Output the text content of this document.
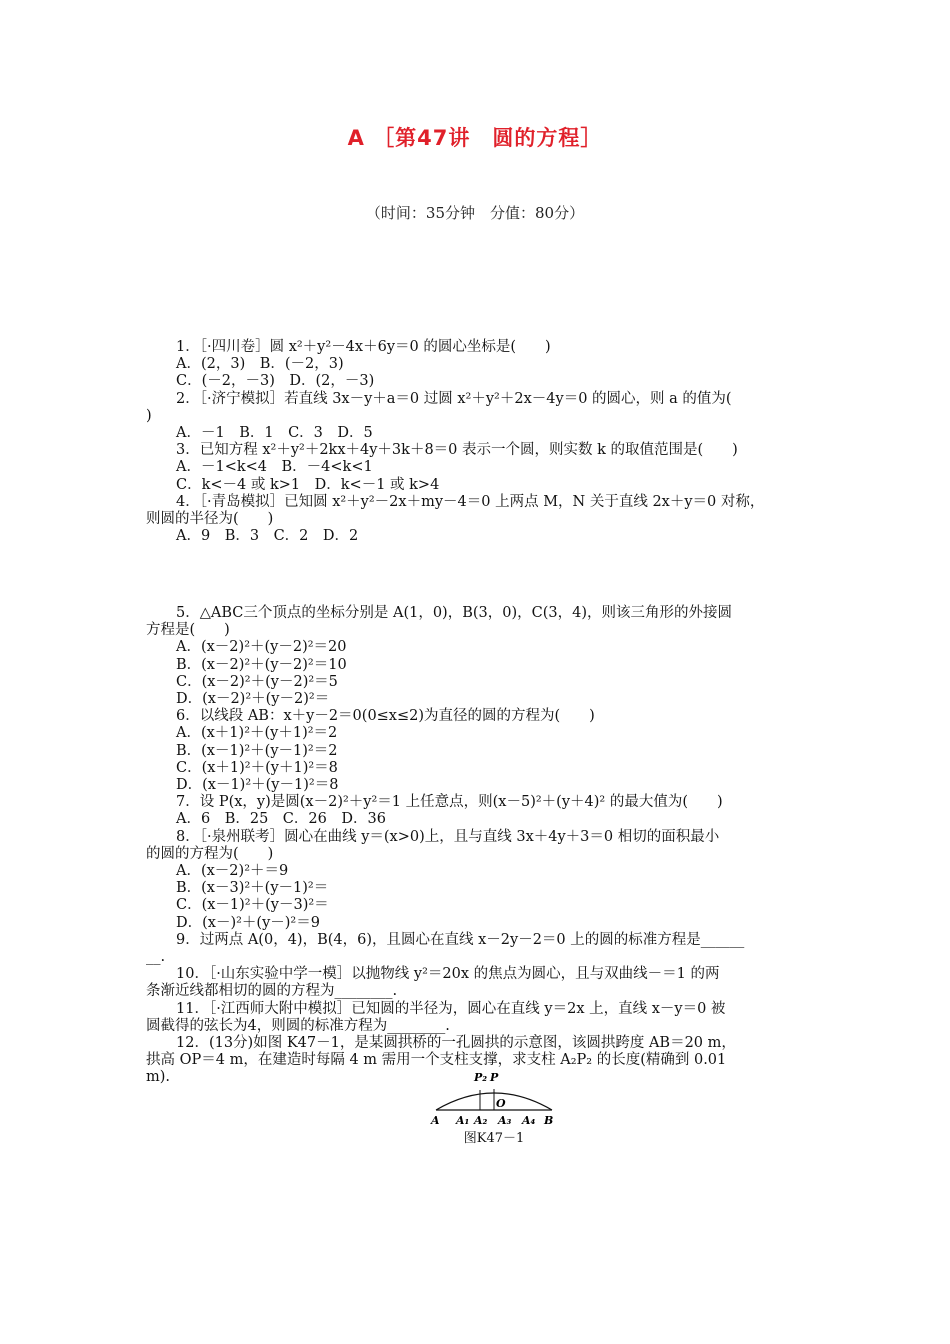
A ［第47讲　圆的方程］
（时间：35分钟　分值：80分）
1．［·四川卷］圆 x²＋y²－4x＋6y＝0 的圆心坐标是(　　)
A．(2，3)　B．(－2，3)
C．(－2，－3)　D．(2，－3)
2．［·济宁模拟］若直线 3x－y＋a＝0 过圆 x²＋y²＋2x－4y＝0 的圆心，则 a 的值为(
)
A．－1　B．1　C．3　D．5
3．已知方程 x²＋y²＋2kx＋4y＋3k＋8＝0 表示一个圆，则实数 k 的取值范围是(　　)
A．－1<k<4　B．－4<k<1
C．k<－4 或 k>1　D．k<－1 或 k>4
4．［·青岛模拟］已知圆 x²＋y²－2x＋my－4＝0 上两点 M，N 关于直线 2x＋y＝0 对称，
则圆的半径为(　　)
A．9　B．3　C．2　D．2
5．△ABC三个顶点的坐标分别是 A(1，0)，B(3，0)，C(3，4)，则该三角形的外接圆
方程是(　　)
A．(x－2)²＋(y－2)²＝20
B．(x－2)²＋(y－2)²＝10
C．(x－2)²＋(y－2)²＝5
D．(x－2)²＋(y－2)²＝
6．以线段 AB：x＋y－2＝0(0≤x≤2)为直径的圆的方程为(　　)
A．(x＋1)²＋(y＋1)²＝2
B．(x－1)²＋(y－1)²＝2
C．(x＋1)²＋(y＋1)²＝8
D．(x－1)²＋(y－1)²＝8
7．设 P(x，y)是圆(x－2)²＋y²＝1 上任意点，则(x－5)²＋(y＋4)² 的最大值为(　　)
A．6　B．25　C．26　D．36
8．［·泉州联考］圆心在曲线 y＝(x>0)上，且与直线 3x＋4y＋3＝0 相切的面积最小
的圆的方程为(　　)
A．(x－2)²＋＝9
B．(x－3)²＋(y－1)²＝
C．(x－1)²＋(y－3)²＝
D．(x－)²＋(y－)²＝9
9．过两点 A(0，4)，B(4，6)，且圆心在直线 x－2y－2＝0 上的圆的标准方程是______
__.
10．［·山东实验中学一模］以抛物线 y²＝20x 的焦点为圆心，且与双曲线－＝1 的两
条渐近线都相切的圆的方程为________.
11．［·江西师大附中模拟］已知圆的半径为，圆心在直线 y＝2x 上，直线 x－y＝0 被
圆截得的弦长为4，则圆的标准方程为________.
12．(13分)如图 K47－1，是某圆拱桥的一孔圆拱的示意图，该圆拱跨度 AB＝20 m，
拱高 OP＝4 m，在建造时每隔 4 m 需用一个支柱支撑，求支柱 A₂P₂ 的长度(精确到 0.01
m).	P₂ P
O
A A₁ A₂ A₃ A₄ B
图K47－1
